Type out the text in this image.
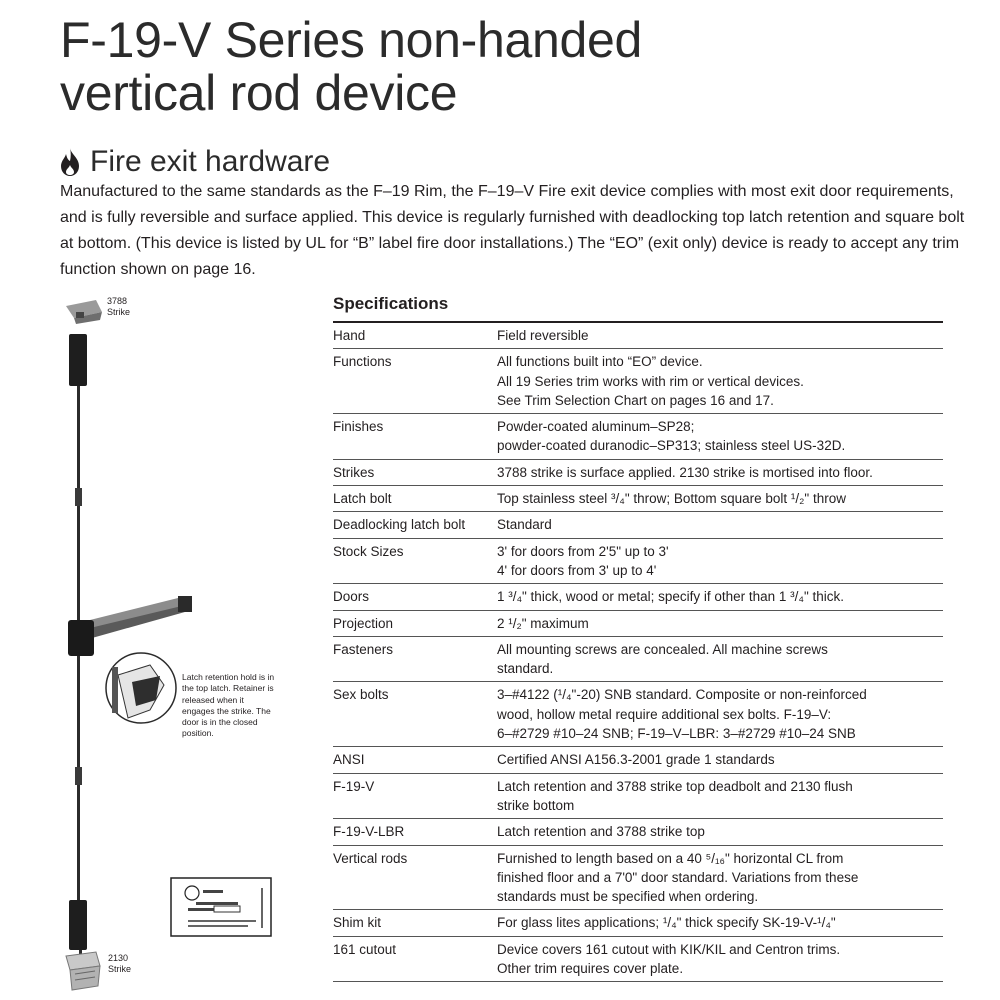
F-19-V Series non-handed
vertical rod device
Fire exit hardware

Manufactured to the same standards as the F–19 Rim, the F–19–V Fire exit device complies with most exit door requirements, and is fully reversible and surface applied. This device is regularly furnished with deadlocking top latch retention and square bolt at bottom. (This device is listed by UL for “B” label fire door installations.) The “EO” (exit only) device is ready to accept any trim function shown on page 16.

3788
Strike
2130
Strike
Latch retention hold is in the top latch. Retainer is released when it engages the strike. The door is in the closed position.
Specifications
Hand	Field reversible
Functions	All functions built into “EO” device.
All 19 Series trim works with rim or vertical devices.
See Trim Selection Chart on pages 16 and 17.
Finishes	Powder-coated aluminum–SP28;
powder-coated duranodic–SP313; stainless steel US-32D.
Strikes	3788 strike is surface applied. 2130 strike is mortised into floor.
Latch bolt	Top stainless steel ³/₄" throw; Bottom square bolt ¹/₂" throw
Deadlocking latch bolt	Standard
Stock Sizes	3' for doors from 2'5" up to 3'
4' for doors from 3' up to 4'
Doors	1 ³/₄" thick, wood or metal; specify if other than 1 ³/₄" thick.
Projection	2 ¹/₂" maximum
Fasteners	All mounting screws are concealed. All machine screws
standard.
Sex bolts	3–#4122 (¹/₄"-20) SNB standard. Composite or non-reinforced
wood, hollow metal require additional sex bolts. F-19–V:
6–#2729 #10–24 SNB; F-19–V–LBR: 3–#2729 #10–24 SNB
ANSI	Certified ANSI A156.3-2001 grade 1 standards
F-19-V	Latch retention and 3788 strike top deadbolt and 2130 flush
strike bottom
F-19-V-LBR	Latch retention and 3788 strike top
Vertical rods	Furnished to length based on a 40 ⁵/₁₆" horizontal CL from
finished floor and a 7'0" door standard. Variations from these
standards must be specified when ordering.
Shim kit	For glass lites applications; ¹/₄" thick specify SK-19-V-¹/₄"
161 cutout	Device covers 161 cutout with KIK/KIL and Centron trims.
Other trim requires cover plate.
